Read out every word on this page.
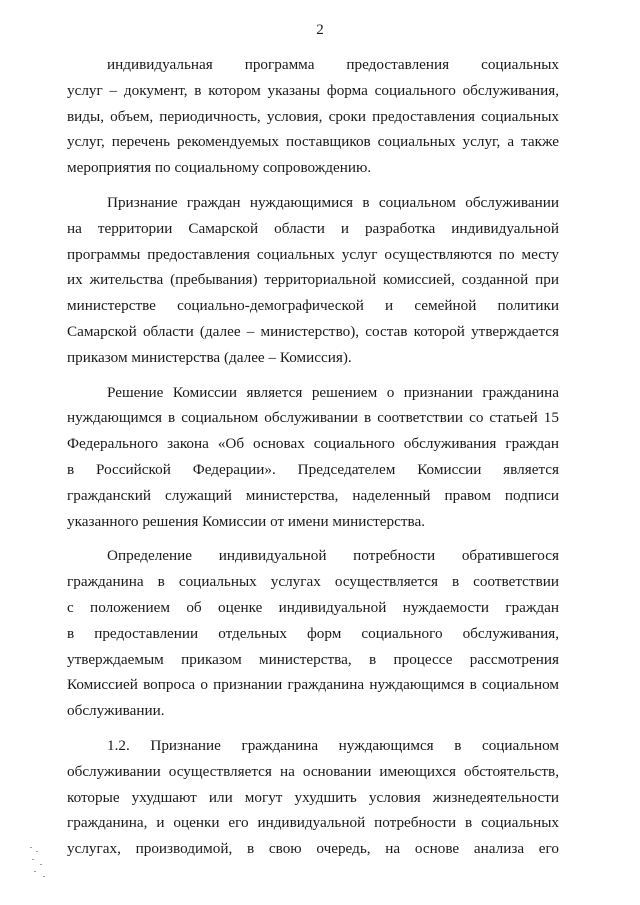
2

индивидуальная программа предоставления социальных
услуг – документ, в котором указаны форма социального обслуживания,
виды, объем, периодичность, условия, сроки предоставления социальных
услуг, перечень рекомендуемых поставщиков социальных услуг, а также
мероприятия по социальному сопровождению.

Признание граждан нуждающимися в социальном обслуживании
на территории Самарской области и разработка индивидуальной
программы предоставления социальных услуг осуществляются по месту
их жительства (пребывания) территориальной комиссией, созданной при
министерстве социально-демографической и семейной политики
Самарской области (далее – министерство), состав которой утверждается
приказом министерства (далее – Комиссия).

Решение Комиссии является решением о признании гражданина
нуждающимся в социальном обслуживании в соответствии со статьей 15
Федерального закона «Об основах социального обслуживания граждан
в Российской Федерации». Председателем Комиссии является
гражданский служащий министерства, наделенный правом подписи
указанного решения Комиссии от имени министерства.

Определение индивидуальной потребности обратившегося
гражданина в социальных услугах осуществляется в соответствии
с положением об оценке индивидуальной нуждаемости граждан
в предоставлении отдельных форм социального обслуживания,
утверждаемым приказом министерства, в процессе рассмотрения
Комиссией вопроса о признании гражданина нуждающимся в социальном
обслуживании.

1.2. Признание гражданина нуждающимся в социальном
обслуживании осуществляется на основании имеющихся обстоятельств,
которые ухудшают или могут ухудшить условия жизнедеятельности
гражданина, и оценки его индивидуальной потребности в социальных
услугах, производимой, в свою очередь, на основе анализа его
